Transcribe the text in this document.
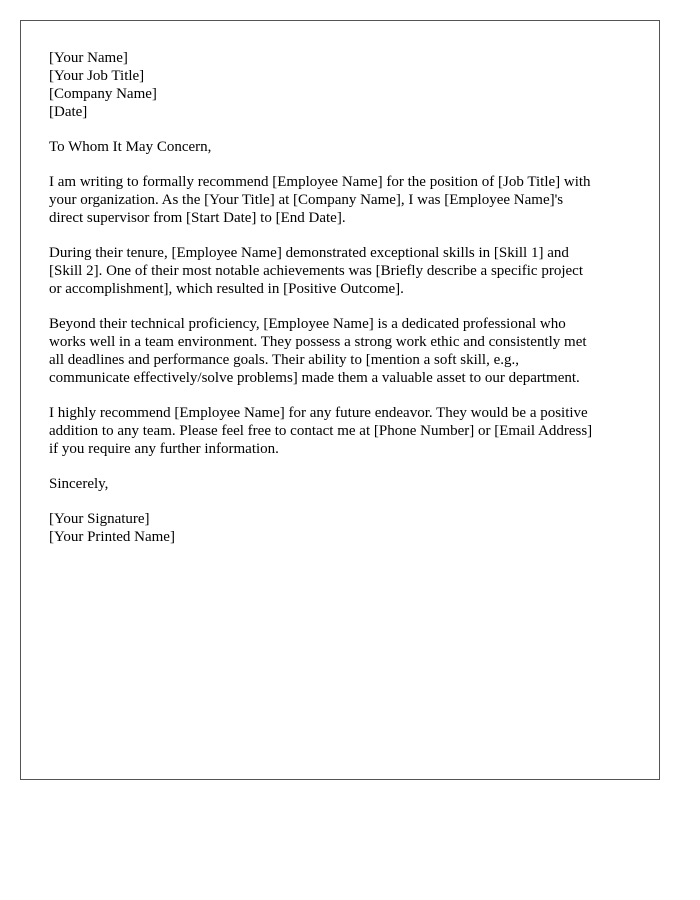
[Your Name]
[Your Job Title]
[Company Name]
[Date]
To Whom It May Concern,
I am writing to formally recommend [Employee Name] for the position of [Job Title] with
your organization. As the [Your Title] at [Company Name], I was [Employee Name]'s
direct supervisor from [Start Date] to [End Date].
During their tenure, [Employee Name] demonstrated exceptional skills in [Skill 1] and
[Skill 2]. One of their most notable achievements was [Briefly describe a specific project
or accomplishment], which resulted in [Positive Outcome].
Beyond their technical proficiency, [Employee Name] is a dedicated professional who
works well in a team environment. They possess a strong work ethic and consistently met
all deadlines and performance goals. Their ability to [mention a soft skill, e.g.,
communicate effectively/solve problems] made them a valuable asset to our department.
I highly recommend [Employee Name] for any future endeavor. They would be a positive
addition to any team. Please feel free to contact me at [Phone Number] or [Email Address]
if you require any further information.
Sincerely,
[Your Signature]
[Your Printed Name]
